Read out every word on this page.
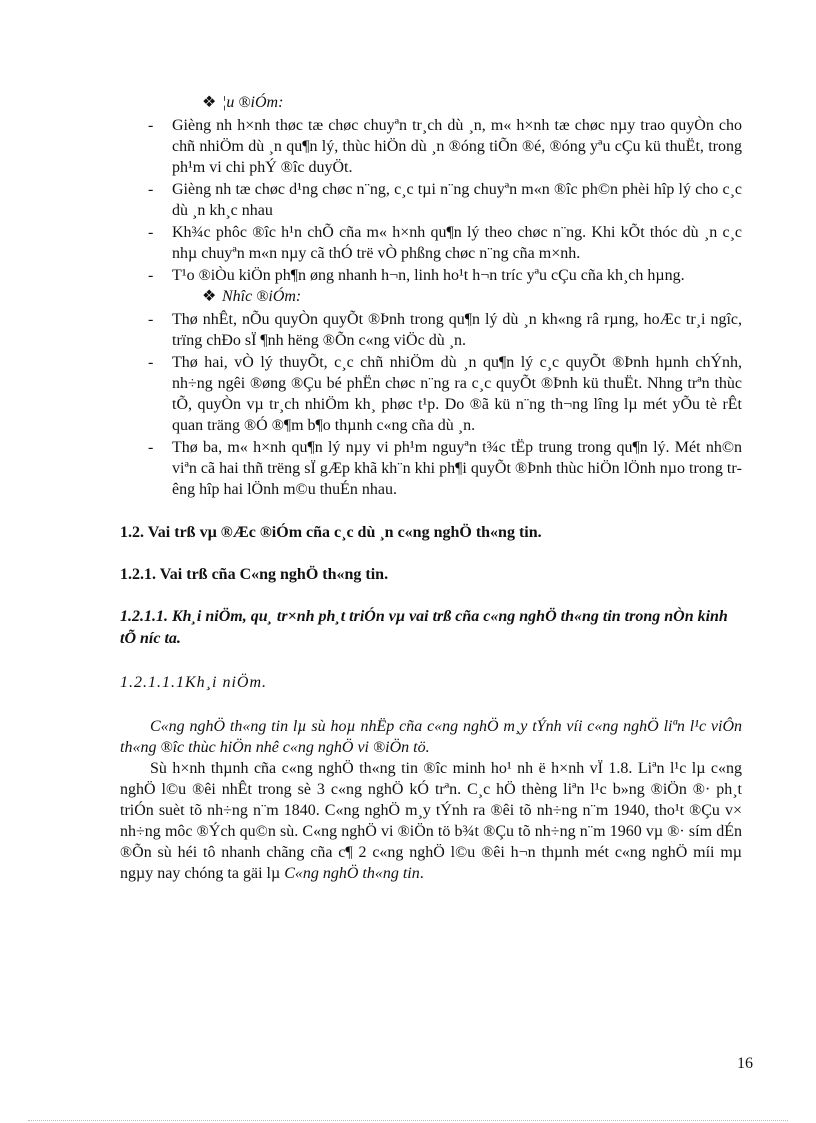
❖ ¦u ®iÓm:

- Gièng nh h×nh thøc tæ chøc chuyªn tr¸ch dù ¸n, m« h×nh tæ chøc nµy trao quyÒn cho chñ nhiÖm dù ¸n qu¶n lý, thùc hiÖn dù ¸n ®óng tiÕn ®é, ®óng yªu cÇu kü thuËt, trong ph¹m vi chi phÝ ®îc duyÖt.
- Gièng nh tæ chøc d¹ng chøc n¨ng, c¸c tµi n¨ng chuyªn m«n ®îc ph©n phèi hîp lý cho c¸c dù ¸n kh¸c nhau
- Kh¾c phôc ®îc h¹n chÕ cña m« h×nh qu¶n lý theo chøc n¨ng. Khi kÕt thóc dù ¸n c¸c nhµ chuyªn m«n nµy cã thÓ trë vÒ phßng chøc n¨ng cña m×nh.
- T¹o ®iÒu kiÖn ph¶n øng nhanh h¬n, linh ho¹t h¬n tríc yªu cÇu cña kh¸ch hµng.

❖ Nhîc ®iÓm:

- Thø nhÊt, nÕu quyÒn quyÕt ®Þnh trong qu¶n lý dù ¸n kh«ng râ rµng, hoÆc tr¸i ngîc, trïng chÐo sÏ ¶nh hëng ®Õn c«ng viÖc dù ¸n.
- Thø hai, vÒ lý thuyÕt, c¸c chñ nhiÖm dù ¸n qu¶n lý c¸c quyÕt ®Þnh hµnh chÝnh, nh÷ng ngêi ®øng ®Çu bé phËn chøc n¨ng ra c¸c quyÕt ®Þnh kü thuËt. Nhng trªn thùc tÕ, quyÒn vµ tr¸ch nhiÖm kh¸ phøc t¹p. Do ®ã kü n¨ng th¬ng lîng lµ mét yÕu tè rÊt quan träng ®Ó ®¶m b¶o thµnh c«ng cña dù ¸n.
- Thø ba, m« h×nh qu¶n lý nµy vi ph¹m nguyªn t¾c tËp trung trong qu¶n lý. Mét nh©n viªn cã hai thñ trëng sÏ gÆp khã kh¨n khi ph¶i quyÕt ®Þnh thùc hiÖn lÖnh nµo trong trêng hîp hai lÖnh m©u thuÉn nhau.

1.2. Vai trß vµ ®Æc ®iÓm cña c¸c dù ¸n c«ng nghÖ th«ng tin.

1.2.1. Vai trß cña C«ng nghÖ th«ng tin.

1.2.1.1. Kh¸i niÖm, qu¸ tr×nh ph¸t triÓn vµ vai trß cña c«ng nghÖ th«ng tin trong nÒn kinh tÕ níc ta.

1.2.1.1.1Kh¸i niÖm.

C«ng nghÖ th«ng tin lµ sù hoµ nhËp cña c«ng nghÖ m¸y tÝnh víi c«ng nghÖ liªn l¹c viÔn th«ng ®îc thùc hiÖn nhê c«ng nghÖ vi ®iÖn tö.

Sù h×nh thµnh cña c«ng nghÖ th«ng tin ®îc minh ho¹ nh ë h×nh vÏ 1.8. Liªn l¹c lµ c«ng nghÖ l©u ®êi nhÊt trong sè 3 c«ng nghÖ kÓ trªn. C¸c hÖ thèng liªn l¹c b»ng ®iÖn ®· ph¸t triÓn suèt tõ nh÷ng n¨m 1840. C«ng nghÖ m¸y tÝnh ra ®êi tõ nh÷ng n¨m 1940, tho¹t ®Çu v× nh÷ng môc ®Ých qu©n sù. C«ng nghÖ vi ®iÖn tö b¾t ®Çu tõ nh÷ng n¨m 1960 vµ ®· sím dÉn ®Õn sù héi tô nhanh chãng cña c¶ 2 c«ng nghÖ l©u ®êi h¬n thµnh mét c«ng nghÖ míi mµ ngµy nay chóng ta gäi lµ C«ng nghÖ th«ng tin.

16
